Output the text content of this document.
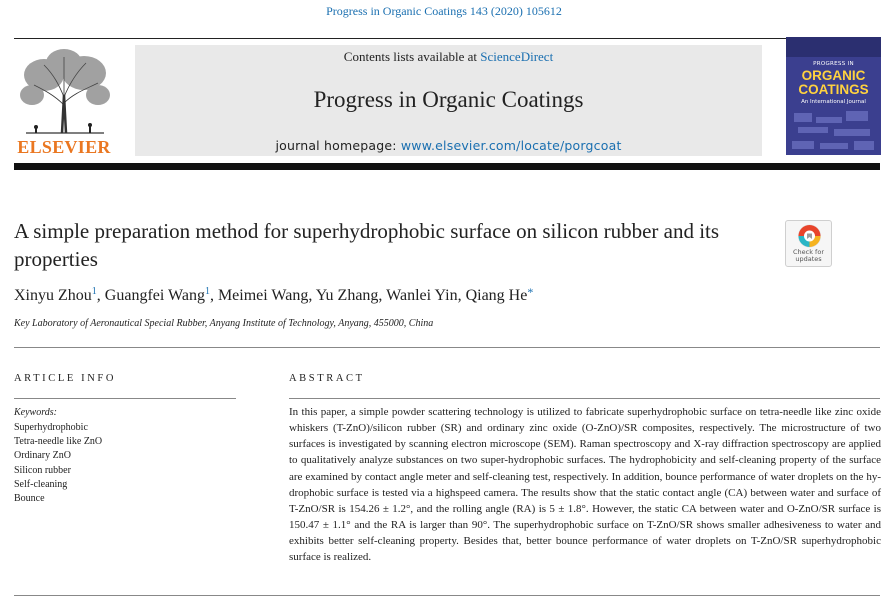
Progress in Organic Coatings 143 (2020) 105612
ELSEVIER
Contents lists available at ScienceDirect
Progress in Organic Coatings
journal homepage: www.elsevier.com/locate/porgcoat
PROGRESS IN
ORGANIC
COATINGS
An International Journal
A simple preparation method for superhydrophobic surface on silicon rubber and its properties	Check for
updates
Xinyu Zhou$^1$, Guangfei Wang$^1$, Meimei Wang, Yu Zhang, Wanlei Yin, Qiang He*
Key Laboratory of Aeronautical Special Rubber, Anyang Institute of Technology, Anyang, 455000, China
ARTICLE INFO	ABSTRACT
Keywords:
Superhydrophobic
Tetra-needle like ZnO
Ordinary ZnO
Silicon rubber
Self-cleaning
Bounce
In this paper, a simple powder scattering technology is utilized to fabricate superhydrophobic surface on tetra-needle like zinc oxide whiskers (T-ZnO)/silicon rubber (SR) and ordinary zinc oxide (O-ZnO)/SR composites, respectively. The microstructure of two surfaces is investigated by scanning electron microscope (SEM). Raman spectroscopy and X-ray diffraction spectroscopy are applied to qualitatively analyze substances on two super-hydrophobic surfaces. The hydrophobicity and self-cleaning property of the surface are examined by contact angle meter and self-cleaning test, respectively. In addition, bounce performance of water droplets on the hy-drophobic surface is tested via a highspeed camera. The results show that the static contact angle (CA) between water and surface of T-ZnO/SR is 154.26 ± 1.2°, and the rolling angle (RA) is 5 ± 1.8°. However, the static CA between water and O-ZnO/SR surface is 150.47 ± 1.1° and the RA is larger than 90°. The superhydrophobic surface on T-ZnO/SR shows smaller adhesiveness to water and exhibits better self-cleaning property. Besides that, better bounce performance of water droplets on T-ZnO/SR superhydrophobic surface is realized.
